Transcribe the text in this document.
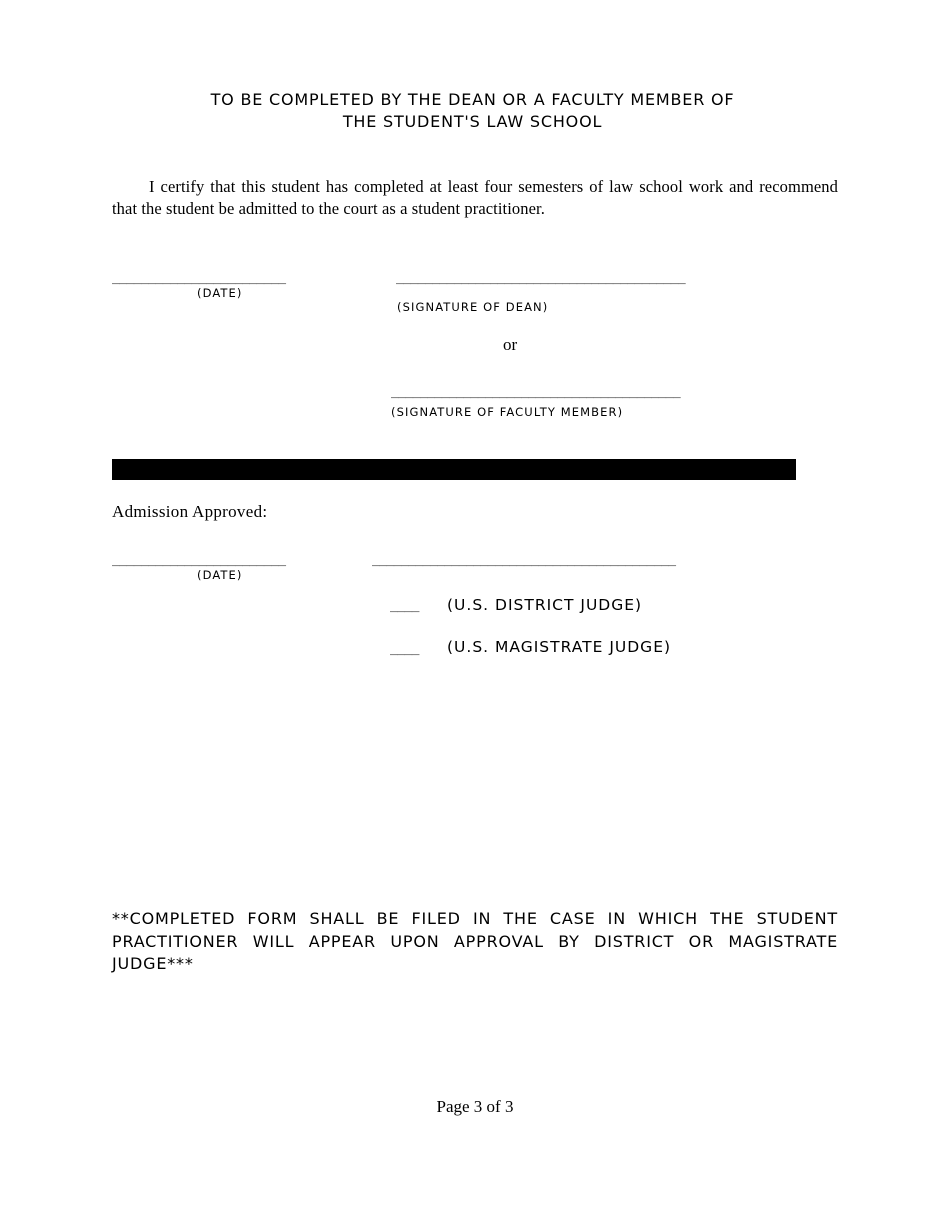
TO BE COMPLETED BY THE DEAN OR A FACULTY MEMBER OF
THE STUDENT'S LAW SCHOOL
I certify that this student has completed at least four semesters of law school work and recommend that the student be admitted to the court as a student practitioner.
________________________
(DATE)
________________________________________
(SIGNATURE OF DEAN)
or
________________________________________
(SIGNATURE OF FACULTY MEMBER)
Admission Approved:
________________________
(DATE)
__________________________________________
____ (U.S. DISTRICT JUDGE)
____ (U.S. MAGISTRATE JUDGE)
**COMPLETED FORM SHALL BE FILED IN THE CASE IN WHICH THE STUDENT PRACTITIONER WILL APPEAR UPON APPROVAL BY DISTRICT OR MAGISTRATE JUDGE***
Page 3 of 3
